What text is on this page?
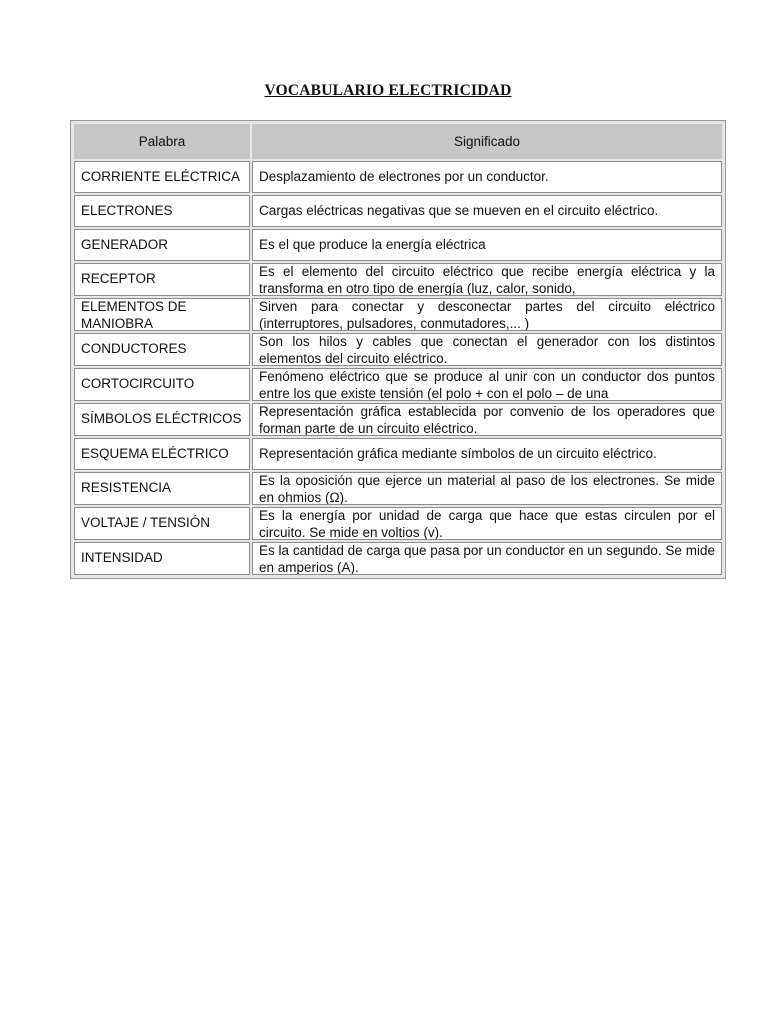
VOCABULARIO ELECTRICIDAD
Palabra	Significado

CORRIENTE ELÉCTRICA	Desplazamiento de electrones por un conductor.

ELECTRONES	Cargas eléctricas negativas que se mueven en el circuito eléctrico.

GENERADOR	Es el que produce la energía eléctrica

RECEPTOR	Es el elemento del circuito eléctrico que recibe energía eléctrica y la transforma en otro tipo de energía (luz, calor, sonido,

ELEMENTOS DE MANIOBRA	Sirven para conectar y desconectar partes del circuito eléctrico (interruptores, pulsadores, conmutadores,... )

CONDUCTORES	Son los hilos y cables que conectan el generador con los distintos elementos del circuito eléctrico.

CORTOCIRCUITO	Fenómeno eléctrico que se produce al unir con un conductor dos puntos entre los que existe tensión (el polo + con el polo – de una

SÍMBOLOS ELÉCTRICOS	Representación gráfica establecida por convenio de los operadores que forman parte de un circuito eléctrico.

ESQUEMA ELÉCTRICO	Representación gráfica mediante símbolos de un circuito eléctrico.

RESISTENCIA	Es la oposición que ejerce un material al paso de los electrones. Se mide en ohmios (Ω).

VOLTAJE / TENSIÓN	Es la energía por unidad de carga que hace que estas circulen por el circuito. Se mide en voltios (v).

INTENSIDAD	Es la cantidad de carga que pasa por un conductor en un segundo. Se mide en amperios (A).
